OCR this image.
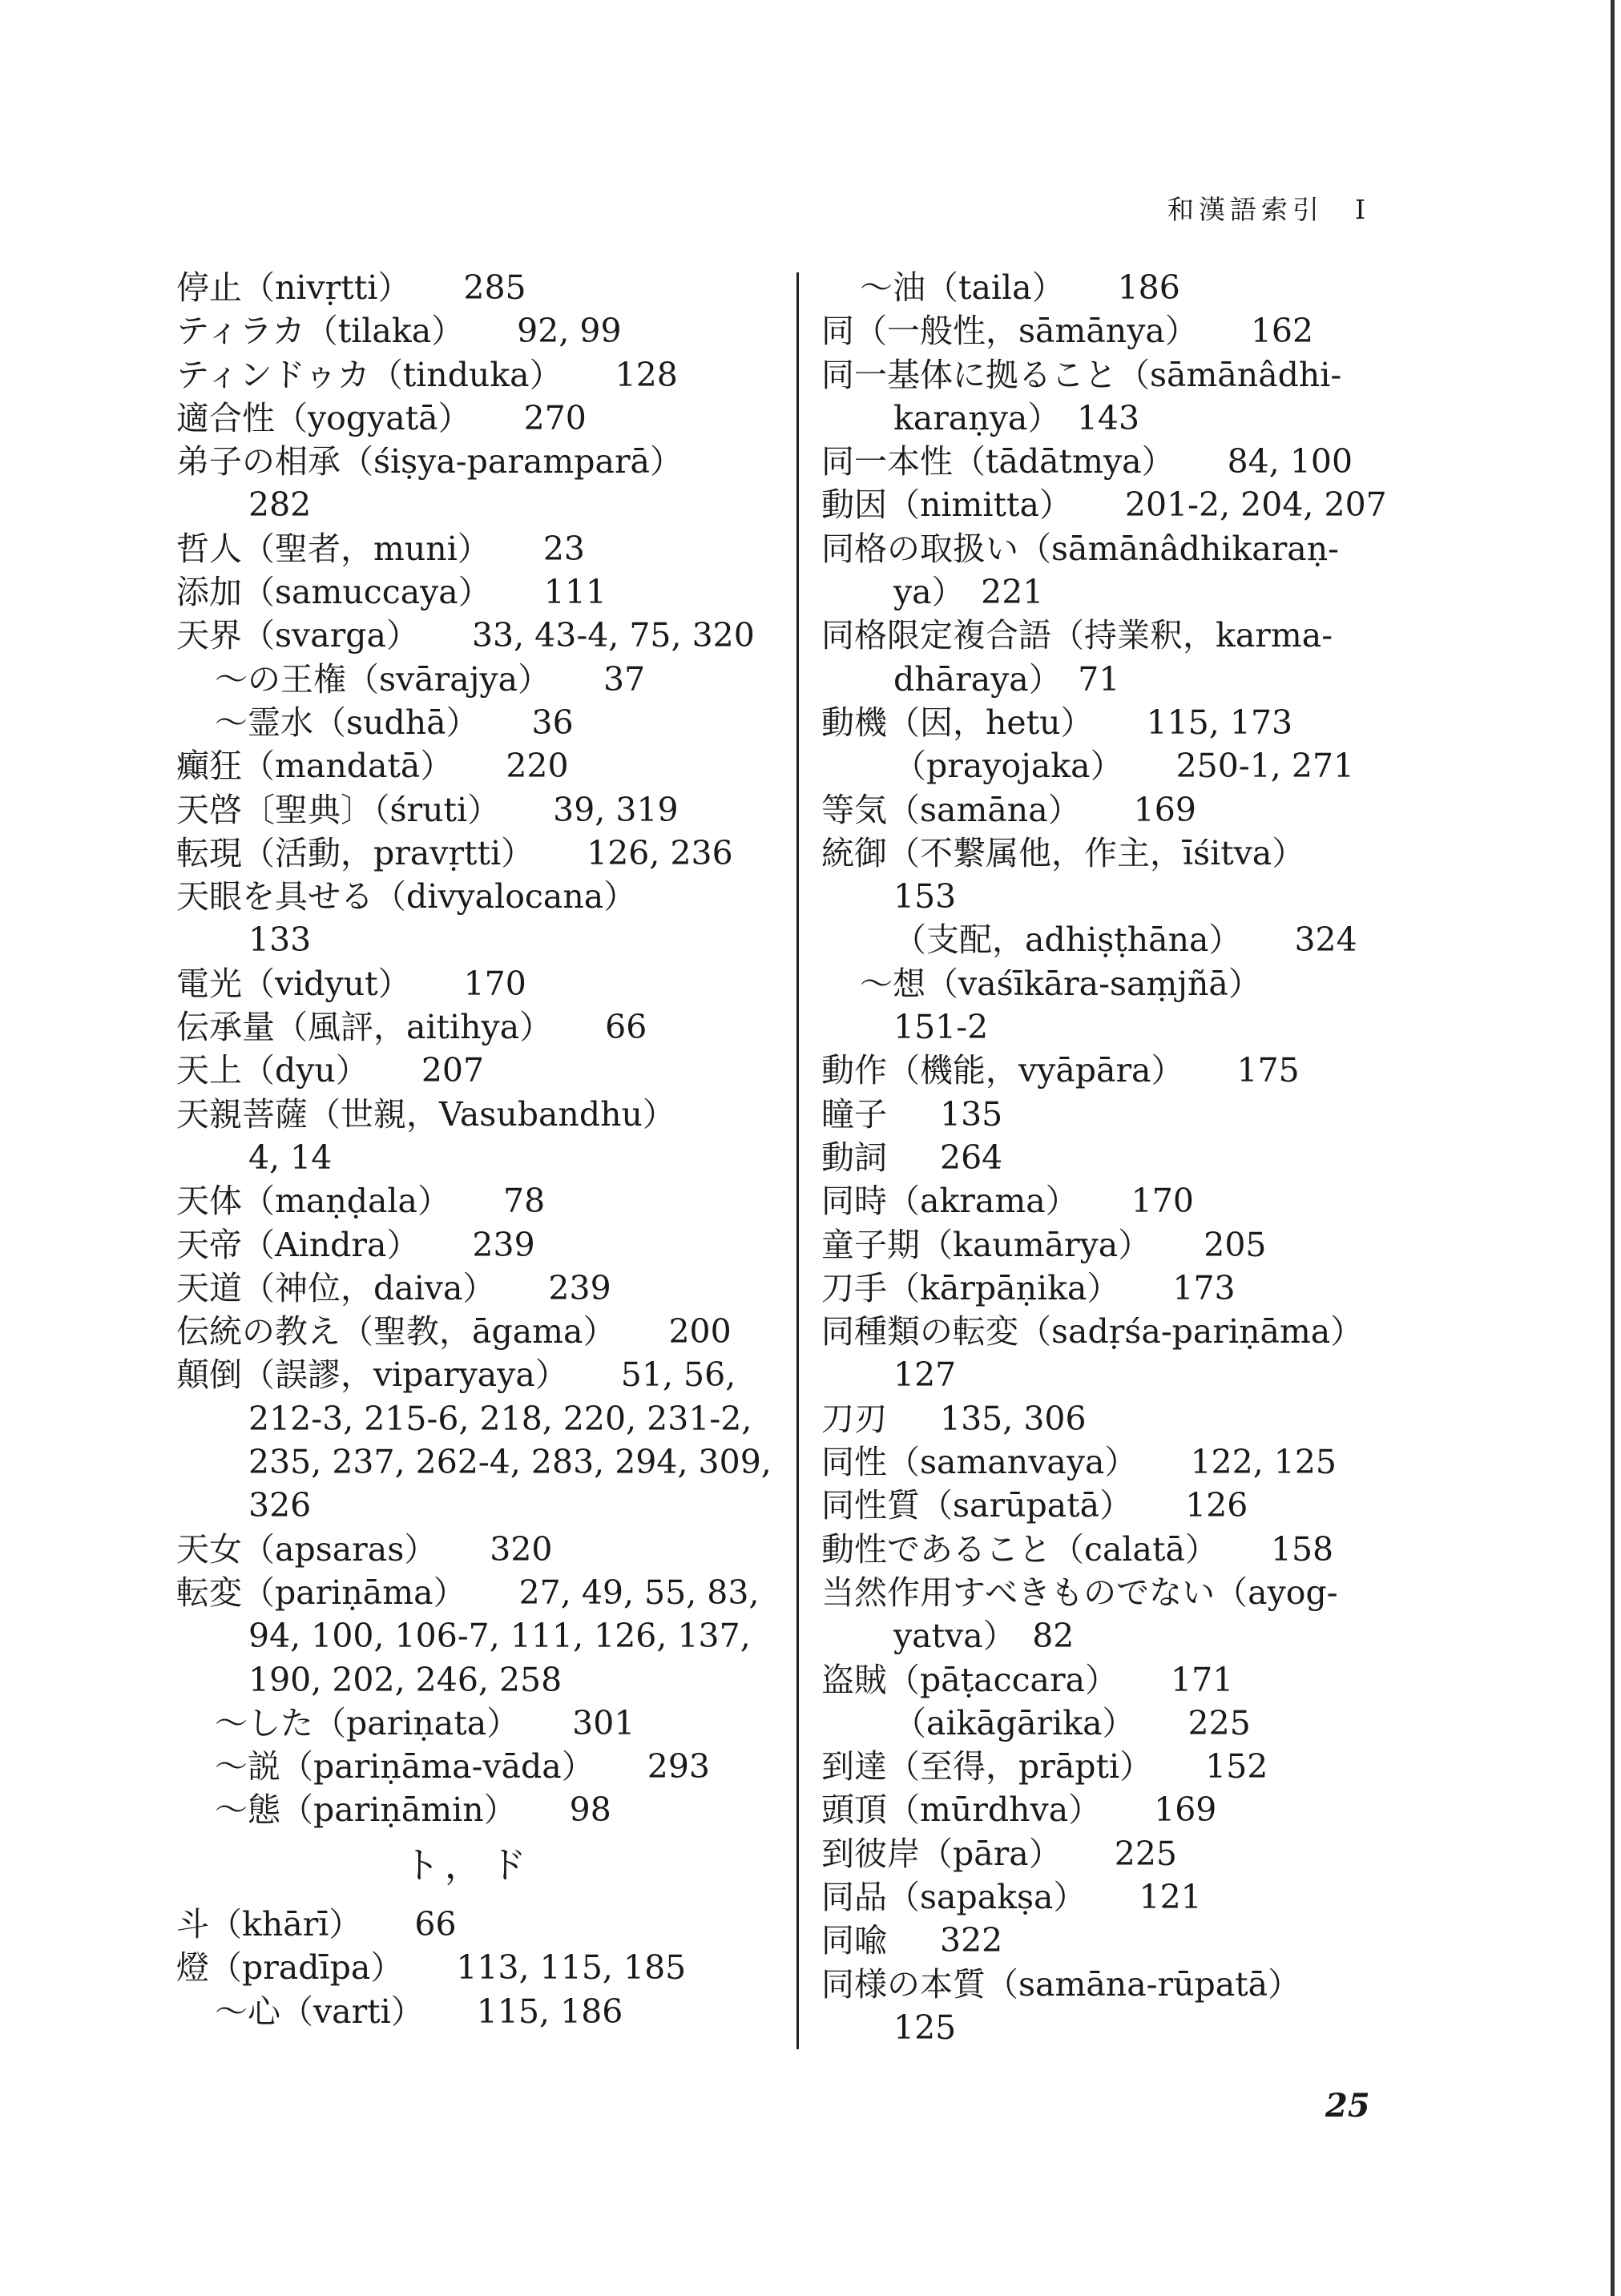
和漢語索引　I
停止（nivṛtti） 285
ティラカ（tilaka） 92, 99
ティンドゥカ（tinduka） 128
適合性（yogyatā） 270
弟子の相承（śiṣya-paramparā）
282
哲人（聖者，muni） 23
添加（samuccaya） 111
天界（svarga） 33, 43-4, 75, 320
〜の王権（svārajya） 37
〜霊水（sudhā） 36
癲狂（mandatā） 220
天啓〔聖典〕（śruti） 39, 319
転現（活動，pravṛtti） 126, 236
天眼を具せる（divyalocana）
133
電光（vidyut） 170
伝承量（風評，aitihya） 66
天上（dyu） 207
天親菩薩（世親，Vasubandhu）
4, 14
天体（maṇḍala） 78
天帝（Aindra） 239
天道（神位，daiva） 239
伝統の教え（聖教，āgama） 200
顛倒（誤謬，viparyaya） 51, 56,
212-3, 215-6, 218, 220, 231-2,
235, 237, 262-4, 283, 294, 309,
326
天女（apsaras） 320
転変（pariṇāma） 27, 49, 55, 83,
94, 100, 106-7, 111, 126, 137,
190, 202, 246, 258
〜した（pariṇata） 301
〜説（pariṇāma-vāda） 293
〜態（pariṇāmin） 98
ト，ド
斗（khārī） 66
燈（pradīpa） 113, 115, 185
〜心（varti） 115, 186
〜油（taila） 186
同（一般性，sāmānya） 162
同一基体に拠ること（sāmānâdhi-
karaṇya）　143
同一本性（tādātmya） 84, 100
動因（nimitta） 201-2, 204, 207
同格の取扱い（sāmānâdhikaraṇ-
ya）　221
同格限定複合語（持業釈，karma-
dhāraya）　71
動機（因，hetu） 115, 173
（prayojaka） 250-1, 271
等気（samāna） 169
統御（不繋属他，作主，īśitva）
153
（支配，adhiṣṭhāna） 324
〜想（vaśīkāra-saṃjñā）
151-2
動作（機能，vyāpāra） 175
瞳子 135
動詞 264
同時（akrama） 170
童子期（kaumārya） 205
刀手（kārpāṇika） 173
同種類の転変（sadṛśa-pariṇāma）
127
刀刃 135, 306
同性（samanvaya） 122, 125
同性質（sarūpatā） 126
動性であること（calatā） 158
当然作用すべきものでない（ayog-
yatva）　82
盗賊（pāṭaccara） 171
（aikāgārika） 225
到達（至得，prāpti） 152
頭頂（mūrdhva） 169
到彼岸（pāra） 225
同品（sapakṣa） 121
同喩 322
同様の本質（samāna-rūpatā）
125
25
